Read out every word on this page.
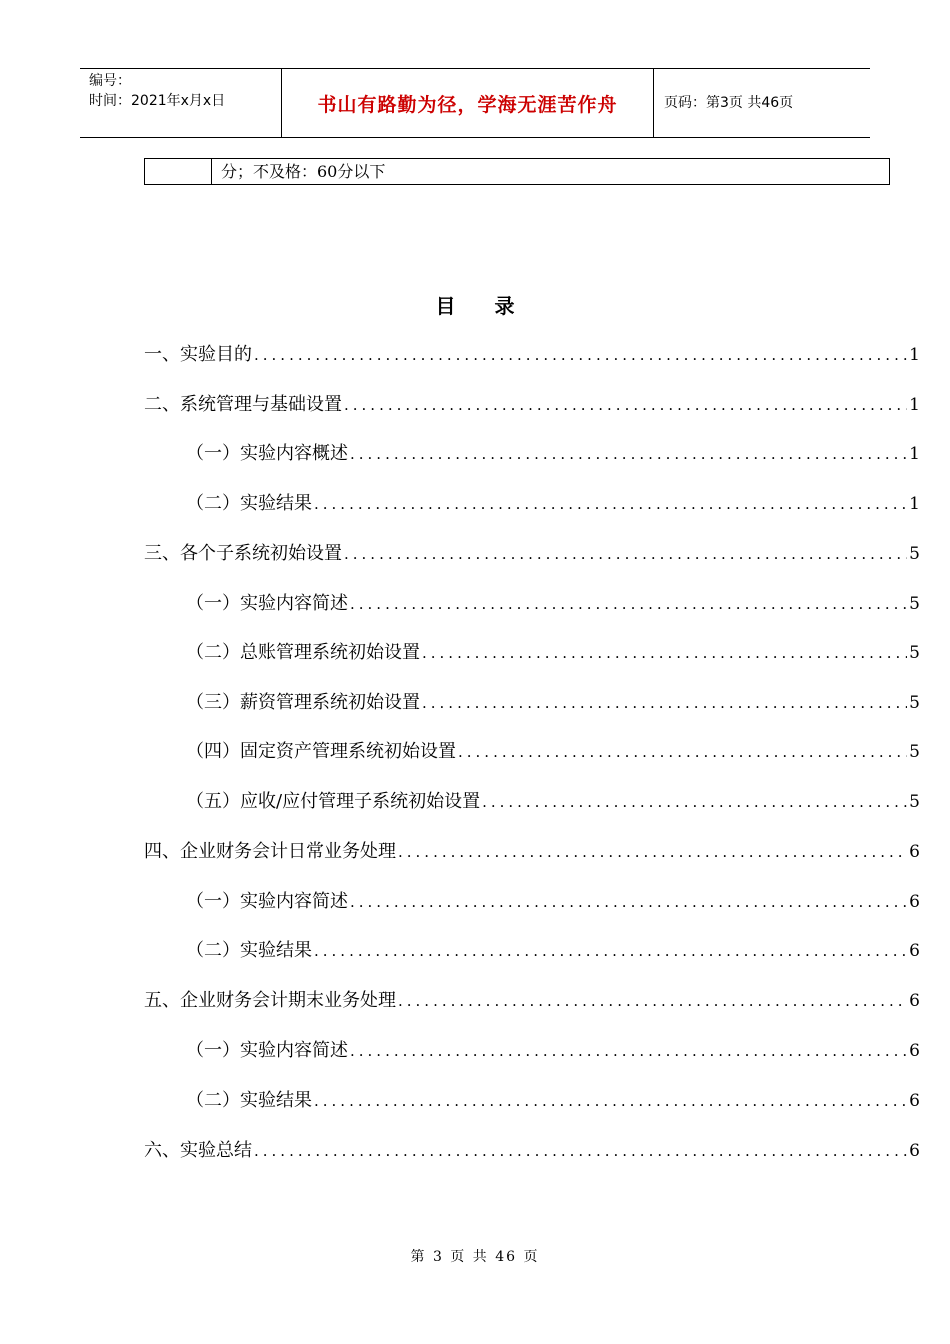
编号：
时间：2021年x月x日	书山有路勤为径，学海无涯苦作舟	页码：第3页 共46页
分；不及格：60分以下
目 录
一、实验目的 .....	1
二、系统管理与基础设置 .....	1
（一）实验内容概述 .....	1
（二）实验结果 .....	1
三、各个子系统初始设置 .....	5
（一）实验内容简述 .....	5
（二）总账管理系统初始设置 .....	5
（三）薪资管理系统初始设置 .....	5
（四）固定资产管理系统初始设置 .....	5
（五）应收/应付管理子系统初始设置 .....	5
四、企业财务会计日常业务处理 .....	6
（一）实验内容简述 .....	6
（二）实验结果 .....	6
五、企业财务会计期末业务处理 .....	6
（一）实验内容简述 .....	6
（二）实验结果 .....	6
六、实验总结 .....	6
第 3 页 共 46 页
